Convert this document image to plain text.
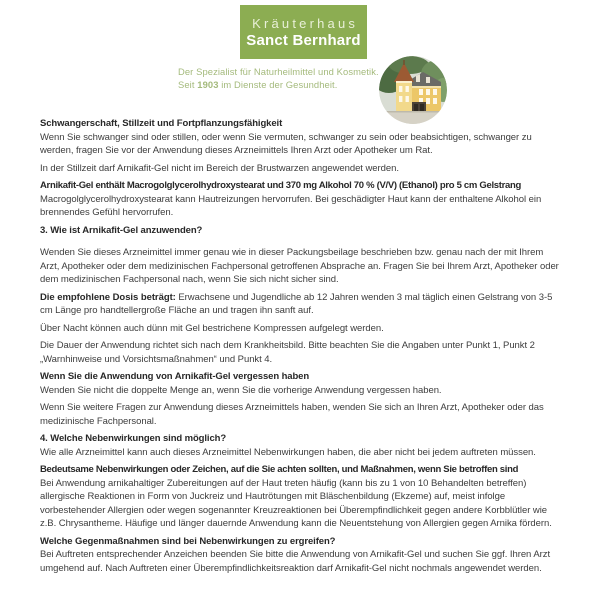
Kräuterhaus
Sanct Bernhard
Der Spezialist für Naturheilmittel und Kosmetik.
Seit 1903 im Dienste der Gesundheit.

Schwangerschaft, Stillzeit und Fortpflanzungsfähigkeit

Wenn Sie schwanger sind oder stillen, oder wenn Sie vermuten, schwanger zu sein oder beabsichtigen, schwanger zu werden, fragen Sie vor der Anwendung dieses Arzneimittels Ihren Arzt oder Apotheker um Rat.

In der Stillzeit darf Arnikafit-Gel nicht im Bereich der Brustwarzen angewendet werden.

Arnikafit-Gel enthält Macrogolglycerolhydroxystearat und 370 mg Alkohol 70 % (V/V) (Ethanol) pro 5 cm Gelstrang

Macrogolglycerolhydroxystearat kann Hautreizungen hervorrufen. Bei geschädigter Haut kann der enthaltene Alkohol ein brennendes Gefühl hervorrufen.

3. Wie ist Arnikafit-Gel anzuwenden?

Wenden Sie dieses Arzneimittel immer genau wie in dieser Packungsbeilage beschrieben bzw. genau nach der mit Ihrem Arzt, Apotheker oder dem medizinischen Fachpersonal getroffenen Absprache an. Fragen Sie bei Ihrem Arzt, Apotheker oder dem medizinischen Fachpersonal nach, wenn Sie sich nicht sicher sind.

Die empfohlene Dosis beträgt: Erwachsene und Jugendliche ab 12 Jahren wenden 3 mal täglich einen Gelstrang von 3-5 cm Länge pro handtellergroße Fläche an und tragen ihn sanft auf.

Über Nacht können auch dünn mit Gel bestrichene Kompressen aufgelegt werden.

Die Dauer der Anwendung richtet sich nach dem Krankheitsbild. Bitte beachten Sie die Angaben unter Punkt 1, Punkt 2 „Warnhinweise und Vorsichtsmaßnahmen“ und Punkt 4.

Wenn Sie die Anwendung von Arnikafit-Gel vergessen haben

Wenden Sie nicht die doppelte Menge an, wenn Sie die vorherige Anwendung vergessen haben.

Wenn Sie weitere Fragen zur Anwendung dieses Arzneimittels haben, wenden Sie sich an Ihren Arzt, Apotheker oder das medizinische Fachpersonal.

4. Welche Nebenwirkungen sind möglich?

Wie alle Arzneimittel kann auch dieses Arzneimittel Nebenwirkungen haben, die aber nicht bei jedem auftreten müssen.

Bedeutsame Nebenwirkungen oder Zeichen, auf die Sie achten sollten, und Maßnahmen, wenn Sie betroffen sind

Bei Anwendung arnikahaltiger Zubereitungen auf der Haut treten häufig (kann bis zu 1 von 10 Behandelten betreffen) allergische Reaktionen in Form von Juckreiz und Hautrötungen mit Bläschenbildung (Ekzeme) auf, meist infolge vorbestehender Allergien oder wegen sogenannter Kreuzreaktionen bei Überempfindlichkeit gegen andere Korbblütler wie z.B. Chrysantheme. Häufige und länger dauernde Anwendung kann die Neuentstehung von Allergien gegen Arnika fördern.

Welche Gegenmaßnahmen sind bei Nebenwirkungen zu ergreifen?

Bei Auftreten entsprechender Anzeichen beenden Sie bitte die Anwendung von Arnikafit-Gel und suchen Sie ggf. Ihren Arzt umgehend auf. Nach Auftreten einer Überempfindlichkeitsreaktion darf Arnikafit-Gel nicht nochmals angewendet werden.
